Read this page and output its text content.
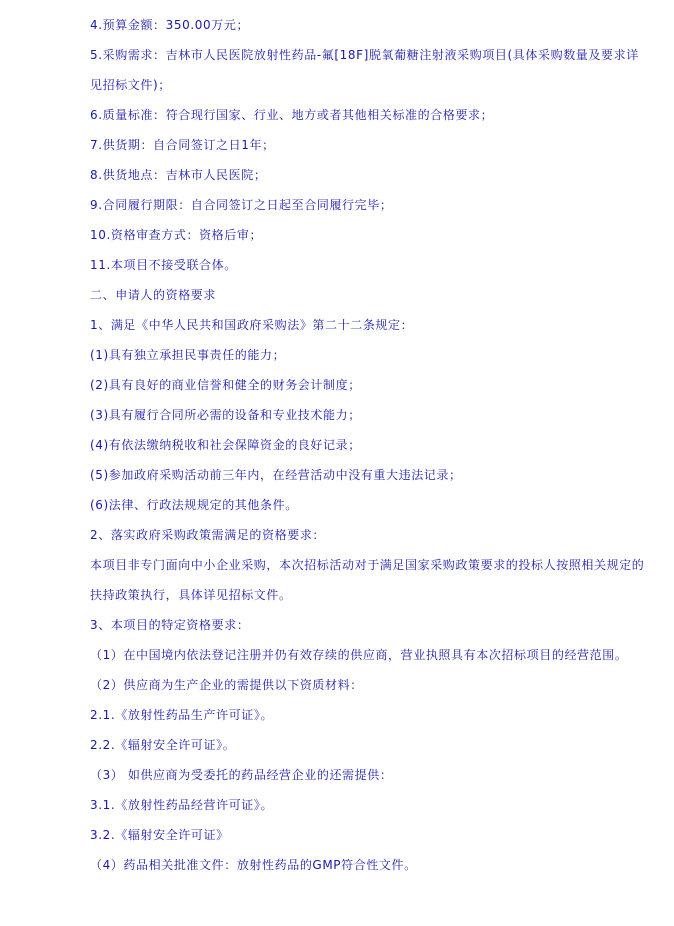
4.预算金额：350.00万元；
5.采购需求：吉林市人民医院放射性药品-氟[18F]脱氧葡糖注射液采购项目(具体采购数量及要求详见招标文件)；
6.质量标准：符合现行国家、行业、地方或者其他相关标准的合格要求；
7.供货期：自合同签订之日1年；
8.供货地点：吉林市人民医院；
9.合同履行期限：自合同签订之日起至合同履行完毕；
10.资格审查方式：资格后审；
11.本项目不接受联合体。
二、申请人的资格要求
1、满足《中华人民共和国政府采购法》第二十二条规定：
(1)具有独立承担民事责任的能力；
(2)具有良好的商业信誉和健全的财务会计制度；
(3)具有履行合同所必需的设备和专业技术能力；
(4)有依法缴纳税收和社会保障资金的良好记录；
(5)参加政府采购活动前三年内，在经营活动中没有重大违法记录；
(6)法律、行政法规规定的其他条件。
2、落实政府采购政策需满足的资格要求：
本项目非专门面向中小企业采购，本次招标活动对于满足国家采购政策要求的投标人按照相关规定的扶持政策执行，具体详见招标文件。
3、本项目的特定资格要求：
（1）在中国境内依法登记注册并仍有效存续的供应商，营业执照具有本次招标项目的经营范围。
（2）供应商为生产企业的需提供以下资质材料：
2.1.《放射性药品生产许可证》。
2.2.《辐射安全许可证》。
（3） 如供应商为受委托的药品经营企业的还需提供：
3.1.《放射性药品经营许可证》。
3.2.《辐射安全许可证》
（4）药品相关批准文件：放射性药品的GMP符合性文件。
